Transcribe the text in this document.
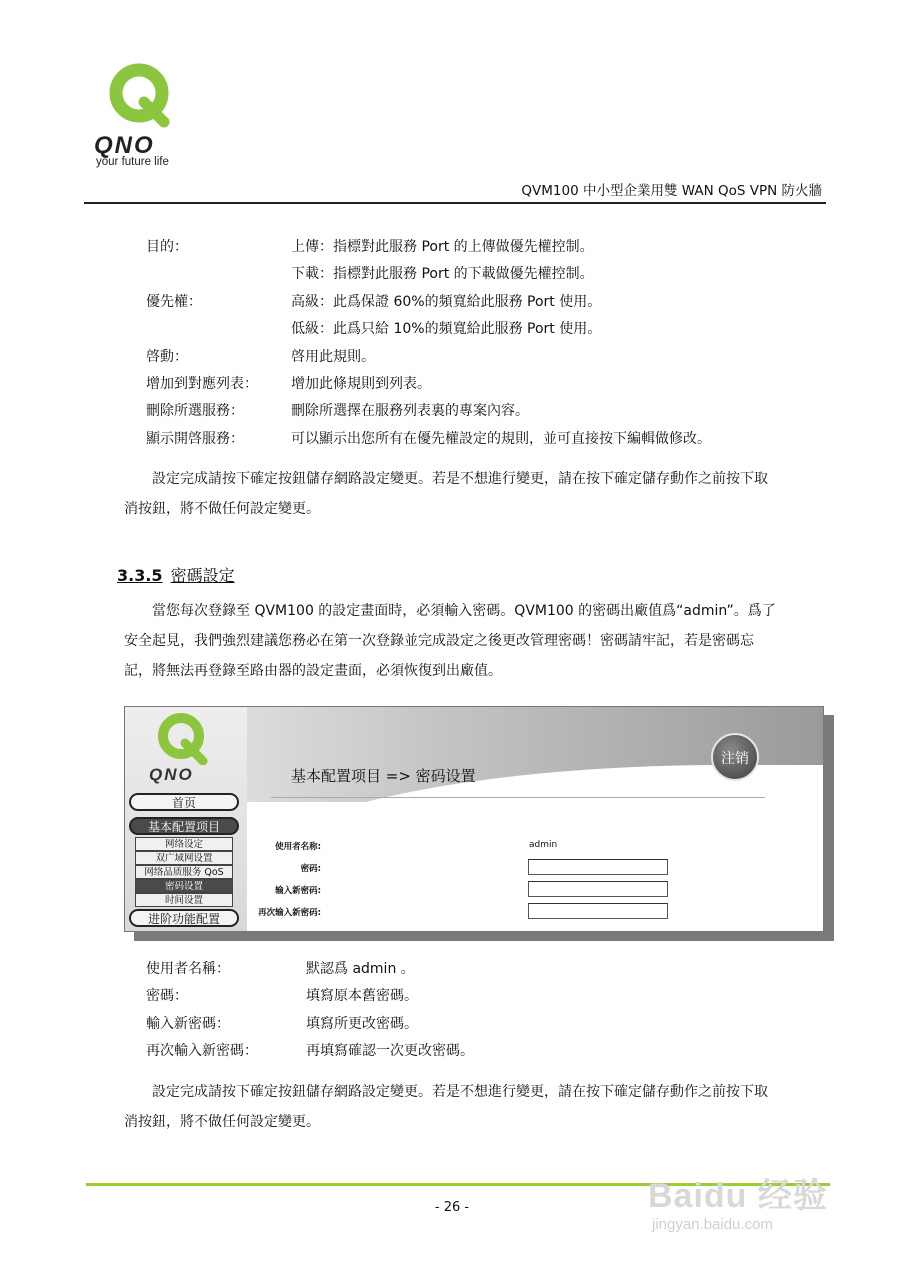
QNO
your future life
QVM100 中小型企業用雙 WAN QoS VPN 防火牆
目的：	上傳：指標對此服務 Port 的上傳做優先權控制。
下載：指標對此服務 Port 的下載做優先權控制。
優先權：	高級：此爲保證 60%的頻寬給此服務 Port 使用。
低級：此爲只給 10%的頻寬給此服務 Port 使用。
啓動：	啓用此規則。
增加到對應列表： 增加此條規則到列表。
刪除所選服務：	刪除所選擇在服務列表裏的專案內容。
顯示開啓服務：	可以顯示出您所有在優先權設定的規則，並可直接按下編輯做修改。
設定完成請按下確定按鈕儲存網路設定變更。若是不想進行變更，請在按下確定儲存動作之前按下取
消按鈕，將不做任何設定變更。
3.3.5 密碼設定
當您每次登錄至 QVM100 的設定畫面時，必須輸入密碼。QVM100 的密碼出廠值爲“admin”。爲了
安全起見，我們強烈建議您務必在第一次登錄並完成設定之後更改管理密碼！密碼請牢記，若是密碼忘
記，將無法再登錄至路由器的設定畫面，必須恢復到出廠值。
QNO	基本配置项目 => 密码设置
注销
首页
基本配置项目
网络设定
双广域网设置
网络品质服务 QoS
密码设置
时间设置
进阶功能配置
使用者名称:	admin
密码:
输入新密码:
再次输入新密码:
使用者名稱：	默認爲 admin 。
密碼：	填寫原本舊密碼。
輸入新密碼：	填寫所更改密碼。
再次輸入新密碼：	再填寫確認一次更改密碼。
設定完成請按下確定按鈕儲存網路設定變更。若是不想進行變更，請在按下確定儲存動作之前按下取
消按鈕，將不做任何設定變更。
- 26 -	Baidu 经验
jingyan.baidu.com
